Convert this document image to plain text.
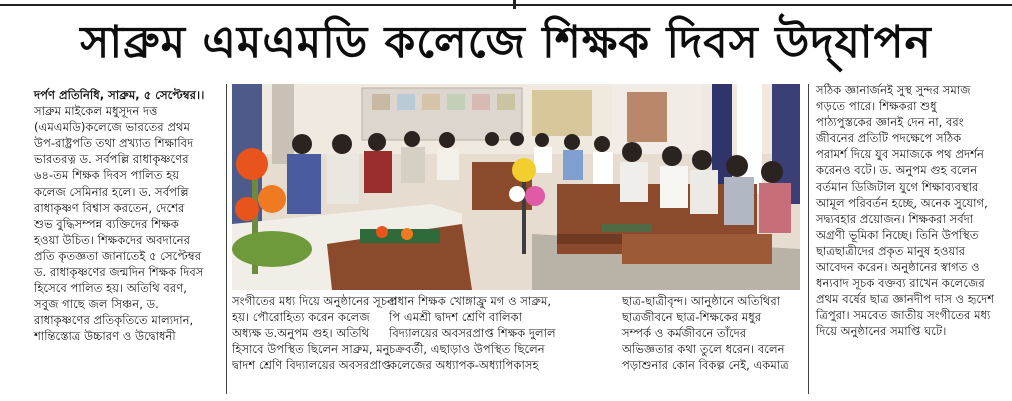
সাব্রুম এমএমডি কলেজে শিক্ষক দিবস উদ্‌যাপন

দর্পণ প্রতিনিধি, সাব্রুম, ৫ সেপ্টেম্বর।।

সাব্রুম মাইকেল মধুসূদন দত্ত

(এমএমডি)কলেজে ভারতের প্রথম

উপ-রাষ্ট্রপতি তথা প্রখ্যাত শিক্ষাবিদ

ভারতরত্ন ড. সর্বপল্লি রাধাকৃষ্ণণের

৬৪-তম শিক্ষক দিবস পালিত হয়

কলেজ সেমিনার হলে। ড. সর্বপল্লি

রাধাকৃষ্ণণ বিশ্বাস করতেন, দেশের

শুভ বুদ্ধিসম্পন্ন ব্যক্তিদের শিক্ষক

হওয়া উচিত। শিক্ষকদের অবদানের

প্রতি কৃতজ্ঞতা জানাতেই ৫ সেপ্টেম্বর

ড. রাধাকৃষ্ণণের জন্মদিন শিক্ষক দিবস

হিসেবে পালিত হয়। অতিথি বরণ,

সবুজ গাছে জল সিঞ্চন, ড.

রাধাকৃষ্ণণের প্রতিকৃতিতে মাল্যদান,

শান্তিস্তোত্র উচ্চারণ ও উদ্বোধনী

সঠিক জ্ঞানার্জনই সুস্থ সুন্দর সমাজ

গড়তে পারে। শিক্ষকরা শুধু

পাঠ্যপুস্তকের জ্ঞানই দেন না, বরং

জীবনের প্রতিটি পদক্ষেপে সঠিক

পরামর্শ দিয়ে যুব সমাজকে পথ প্রদর্শন

করেনও বটে। ড. অনুপম গুহ বলেন

বর্তমান ডিজিটাল যুগে শিক্ষাব্যবস্থার

আমূল পরিবর্তন হচ্ছে, অনেক সুযোগ,

সদ্ব্যবহার প্রয়োজন। শিক্ষকরা সর্বদা

অগ্রণী ভূমিকা নিচ্ছে। তিনি উপস্থিত

ছাত্রছাত্রীদের প্রকৃত মানুষ হওয়ার

আবেদন করেন। অনুষ্ঠানের স্বাগত ও

ধন্যবাদ সূচক বক্তব্য রাখেন কলেজের

প্রথম বর্ষের ছাত্র জ্ঞানদীপ দাস ও হৃদেশ

ত্রিপুরা। সমবেত জাতীয় সংগীতের মধ্য

দিয়ে অনুষ্ঠানের সমাপ্তি ঘটে।

সংগীতের মধ্য দিয়ে অনুষ্ঠানের সূচনা

হয়। পৌরোহিত্য করেন কলেজ

অধ্যক্ষ ড.অনুপম গুহ। অতিথি

হিসাবে উপস্থিত ছিলেন সাব্রুম, মনু

দ্বাদশ শ্রেণি বিদ্যালয়ের অবসরপ্রাপ্ত

প্রধান শিক্ষক খোঙ্গাফ্রু মগ ও সাব্রুম,

পি এমশ্রী দ্বাদশ শ্রেণি বালিকা

বিদ্যালয়ের অবসরপ্রাপ্ত শিক্ষক দুলাল

চক্রবর্তী, এছাড়াও উপস্থিত ছিলেন

কলেজের অধ্যাপক-অধ্যাপিকাসহ

ছাত্র-ছাত্রীবৃন্দ। আনুষ্ঠানে অতিথিরা

ছাত্রজীবনে ছাত্র-শিক্ষকের মধুর

সম্পর্ক ও কর্মজীবনে তাঁদের

অভিজ্ঞতার কথা তুলে ধরেন। বলেন

পড়াশুনার কোন বিকল্প নেই, একমাত্র
